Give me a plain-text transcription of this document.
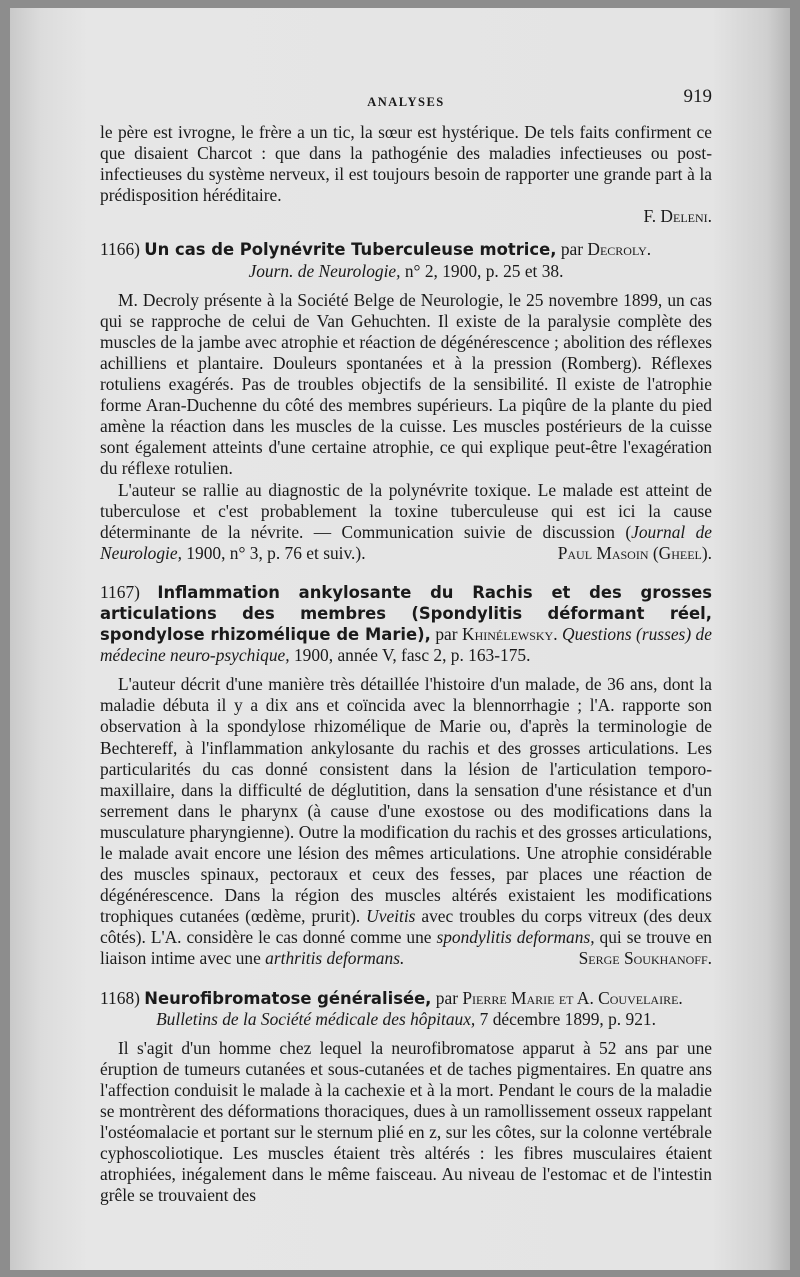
ANALYSES	919

le père est ivrogne, le frère a un tic, la sœur est hystérique. De tels faits confirment ce que disaient Charcot : que dans la pathogénie des maladies infectieuses ou post-infectieuses du système nerveux, il est toujours besoin de rapporter une grande part à la prédisposition héréditaire.
F. Deleni.

1166) Un cas de Polynévrite Tuberculeuse motrice, par Decroly.
Journ. de Neurologie, n° 2, 1900, p. 25 et 38.

M. Decroly présente à la Société Belge de Neurologie, le 25 novembre 1899, un cas qui se rapproche de celui de Van Gehuchten. Il existe de la paralysie complète des muscles de la jambe avec atrophie et réaction de dégénérescence ; abolition des réflexes achilliens et plantaire. Douleurs spontanées et à la pression (Romberg). Réflexes rotuliens exagérés. Pas de troubles objectifs de la sensibilité. Il existe de l'atrophie forme Aran-Duchenne du côté des membres supérieurs. La piqûre de la plante du pied amène la réaction dans les muscles de la cuisse. Les muscles postérieurs de la cuisse sont également atteints d'une certaine atrophie, ce qui explique peut-être l'exagération du réflexe rotulien.

L'auteur se rallie au diagnostic de la polynévrite toxique. Le malade est atteint de tuberculose et c'est probablement la toxine tuberculeuse qui est ici la cause déterminante de la névrite. — Communication suivie de discussion (Journal de Neurologie, 1900, n° 3, p. 76 et suiv.).	Paul Masoin (Gheel).

1167) Inflammation ankylosante du Rachis et des grosses articulations des membres (Spondylitis déformant réel, spondylose rhizomélique de Marie), par Khinélewsky. Questions (russes) de médecine neuro-psychique, 1900, année V, fasc 2, p. 163-175.

L'auteur décrit d'une manière très détaillée l'histoire d'un malade, de 36 ans, dont la maladie débuta il y a dix ans et coïncida avec la blennorrhagie ; l'A. rapporte son observation à la spondylose rhizomélique de Marie ou, d'après la terminologie de Bechtereff, à l'inflammation ankylosante du rachis et des grosses articulations. Les particularités du cas donné consistent dans la lésion de l'articulation temporo-maxillaire, dans la difficulté de déglutition, dans la sensation d'une résistance et d'un serrement dans le pharynx (à cause d'une exostose ou des modifications dans la musculature pharyngienne). Outre la modification du rachis et des grosses articulations, le malade avait encore une lésion des mêmes articulations. Une atrophie considérable des muscles spinaux, pectoraux et ceux des fesses, par places une réaction de dégénérescence. Dans la région des muscles altérés existaient les modifications trophiques cutanées (œdème, prurit). Uveitis avec troubles du corps vitreux (des deux côtés). L'A. considère le cas donné comme une spondylitis deformans, qui se trouve en liaison intime avec une arthritis deformans.	Serge Soukhanoff.

1168) Neurofibromatose généralisée, par Pierre Marie et A. Couvelaire.
Bulletins de la Société médicale des hôpitaux, 7 décembre 1899, p. 921.

Il s'agit d'un homme chez lequel la neurofibromatose apparut à 52 ans par une éruption de tumeurs cutanées et sous-cutanées et de taches pigmentaires. En quatre ans l'affection conduisit le malade à la cachexie et à la mort. Pendant le cours de la maladie se montrèrent des déformations thoraciques, dues à un ramollissement osseux rappelant l'ostéomalacie et portant sur le sternum plié en z, sur les côtes, sur la colonne vertébrale cyphoscoliotique. Les muscles étaient très altérés : les fibres musculaires étaient atrophiées, inégalement dans le même faisceau. Au niveau de l'estomac et de l'intestin grêle se trouvaient des
